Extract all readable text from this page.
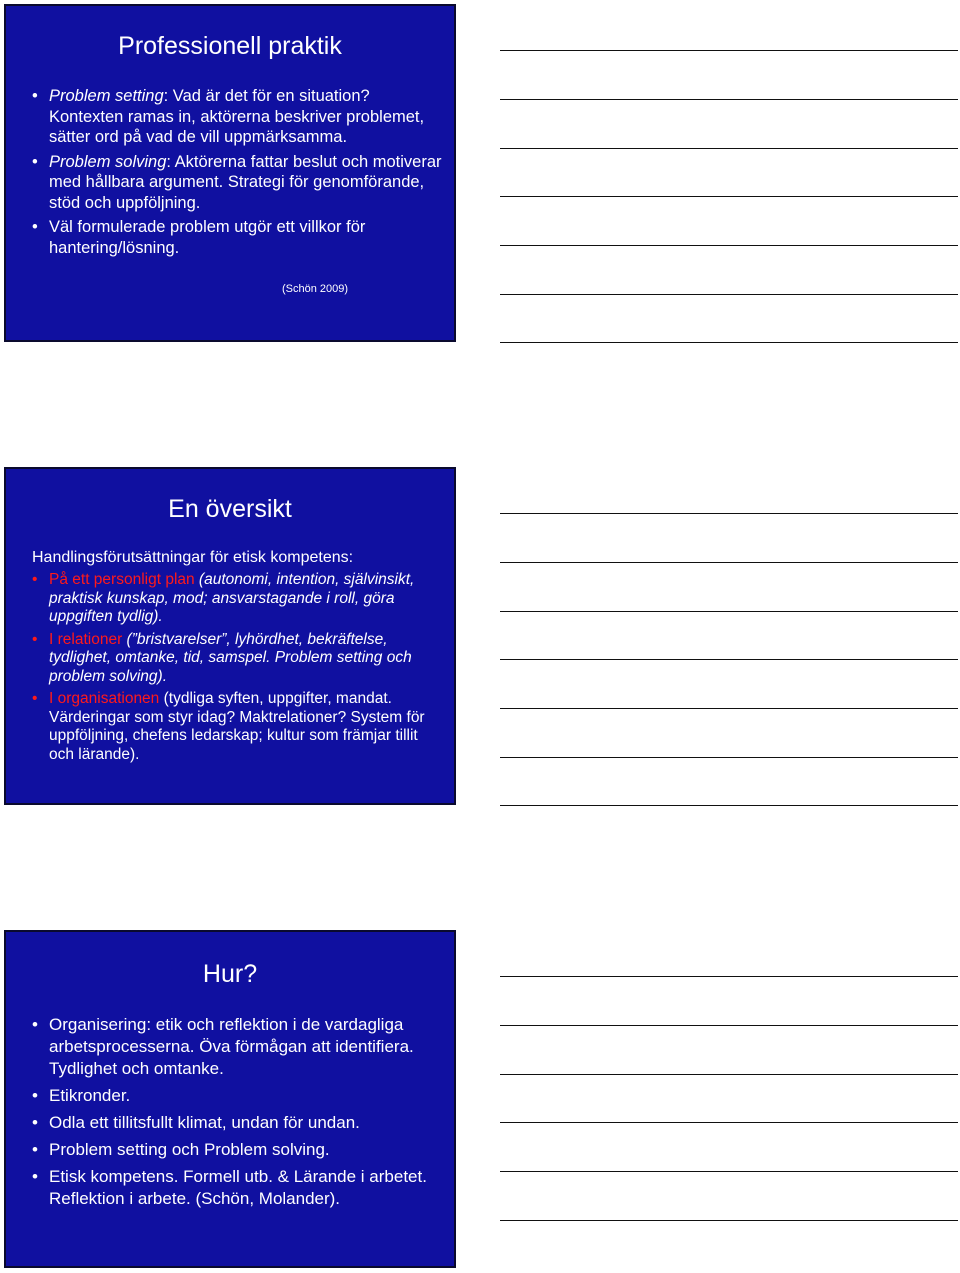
Professionell praktik
• Problem setting: Vad är det för en situation? Kontexten ramas in, aktörerna beskriver problemet, sätter ord på vad de vill uppmärksamma.
• Problem solving: Aktörerna fattar beslut och motiverar med hållbara argument. Strategi för genomförande, stöd och uppföljning.
• Väl formulerade problem utgör ett villkor för hantering/lösning.
(Schön 2009)
En översikt
Handlingsförutsättningar för etisk kompetens:
• På ett personligt plan (autonomi, intention, självinsikt, praktisk kunskap, mod; ansvarstagande i roll, göra uppgiften tydlig).
• I relationer (”bristvarelser”, lyhördhet, bekräftelse, tydlighet, omtanke, tid, samspel. Problem setting och problem solving).
• I organisationen (tydliga syften, uppgifter, mandat. Värderingar som styr idag? Maktrelationer? System för uppföljning, chefens ledarskap; kultur som främjar tillit och lärande).
Hur?
• Organisering: etik och reflektion i de vardagliga arbetsprocesserna. Öva förmågan att identifiera. Tydlighet och omtanke.
• Etikronder.
• Odla ett tillitsfullt klimat, undan för undan.
• Problem setting och Problem solving.
• Etisk kompetens. Formell utb. & Lärande i arbetet. Reflektion i arbete. (Schön, Molander).
